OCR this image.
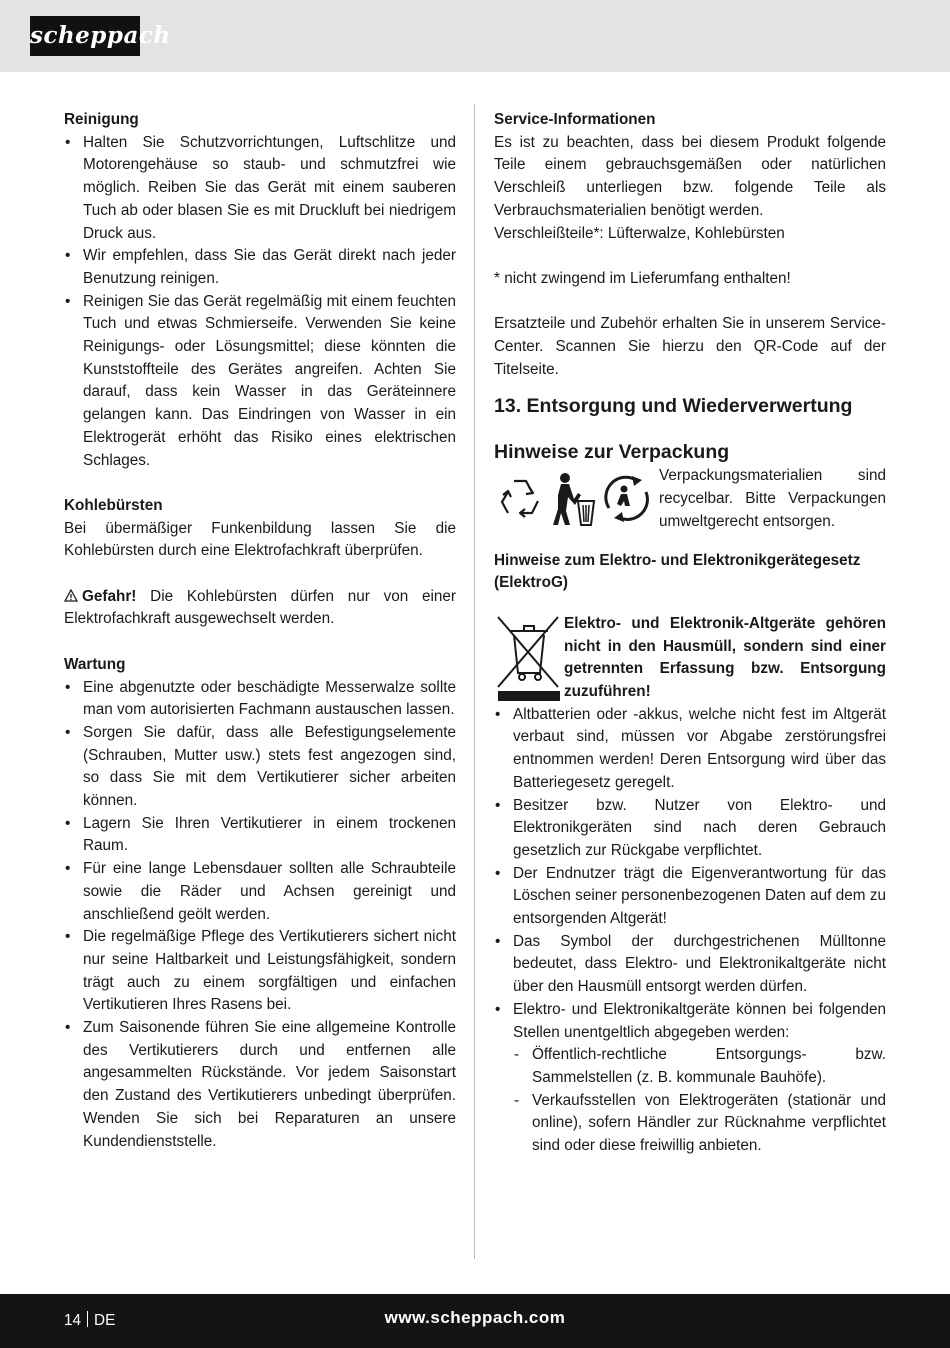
scheppach

Reinigung

• Halten Sie Schutzvorrichtungen, Luftschlitze und Motorengehäuse so staub- und schmutzfrei wie möglich. Reiben Sie das Gerät mit einem sauberen Tuch ab oder blasen Sie es mit Druckluft bei niedrigem Druck aus.
• Wir empfehlen, dass Sie das Gerät direkt nach jeder Benutzung reinigen.
• Reinigen Sie das Gerät regelmäßig mit einem feuchten Tuch und etwas Schmierseife. Verwenden Sie keine Reinigungs- oder Lösungsmittel; diese könnten die Kunststoffteile des Gerätes angreifen. Achten Sie darauf, dass kein Wasser in das Geräteinnere gelangen kann. Das Eindringen von Wasser in ein Elektrogerät erhöht das Risiko eines elektrischen Schlages.

Kohlebürsten

Bei übermäßiger Funkenbildung lassen Sie die Kohlebürsten durch eine Elektrofachkraft überprüfen.

Gefahr! Die Kohlebürsten dürfen nur von einer Elektrofachkraft ausgewechselt werden.

Wartung

• Eine abgenutzte oder beschädigte Messerwalze sollte man vom autorisierten Fachmann austauschen lassen.
• Sorgen Sie dafür, dass alle Befestigungselemente (Schrauben, Mutter usw.) stets fest angezogen sind, so dass Sie mit dem Vertikutierer sicher arbeiten können.
• Lagern Sie Ihren Vertikutierer in einem trockenen Raum.
• Für eine lange Lebensdauer sollten alle Schraubteile sowie die Räder und Achsen gereinigt und anschließend geölt werden.
• Die regelmäßige Pflege des Vertikutierers sichert nicht nur seine Haltbarkeit und Leistungsfähigkeit, sondern trägt auch zu einem sorgfältigen und einfachen Vertikutieren Ihres Rasens bei.
• Zum Saisonende führen Sie eine allgemeine Kontrolle des Vertikutierers durch und entfernen alle angesammelten Rückstände. Vor jedem Saisonstart den Zustand des Vertikutierers unbedingt überprüfen. Wenden Sie sich bei Reparaturen an unsere Kundendienststelle.

Service-Informationen

Es ist zu beachten, dass bei diesem Produkt folgende Teile einem gebrauchsgemäßen oder natürlichen Verschleiß unterliegen bzw. folgende Teile als Verbrauchsmaterialien benötigt werden.

Verschleißteile*: Lüfterwalze, Kohlebürsten

* nicht zwingend im Lieferumfang enthalten!

Ersatzteile und Zubehör erhalten Sie in unserem Service-Center. Scannen Sie hierzu den QR-Code auf der Titelseite.

13. Entsorgung und Wiederverwertung

Hinweise zur Verpackung

Verpackungsmaterialien sind recycelbar. Bitte Verpackungen umweltgerecht entsorgen.

Hinweise zum Elektro- und Elektronikgerätegesetz (ElektroG)

Elektro- und Elektronik-Altgeräte gehören nicht in den Hausmüll, sondern sind einer getrennten Erfassung bzw. Entsorgung zuzuführen!
• Altbatterien oder -akkus, welche nicht fest im Altgerät verbaut sind, müssen vor Abgabe zerstörungsfrei entnommen werden! Deren Entsorgung wird über das Batteriegesetz geregelt.
• Besitzer bzw. Nutzer von Elektro- und Elektronikgeräten sind nach deren Gebrauch gesetzlich zur Rückgabe verpflichtet.
• Der Endnutzer trägt die Eigenverantwortung für das Löschen seiner personenbezogenen Daten auf dem zu entsorgenden Altgerät!
• Das Symbol der durchgestrichenen Mülltonne bedeutet, dass Elektro- und Elektronikaltgeräte nicht über den Hausmüll entsorgt werden dürfen.
• Elektro- und Elektronikaltgeräte können bei folgenden Stellen unentgeltlich abgegeben werden:
- Öffentlich-rechtliche Entsorgungs- bzw. Sammelstellen (z. B. kommunale Bauhöfe).
- Verkaufsstellen von Elektrogeräten (stationär und online), sofern Händler zur Rücknahme verpflichtet sind oder diese freiwillig anbieten.
14 DE	www.scheppach.com
